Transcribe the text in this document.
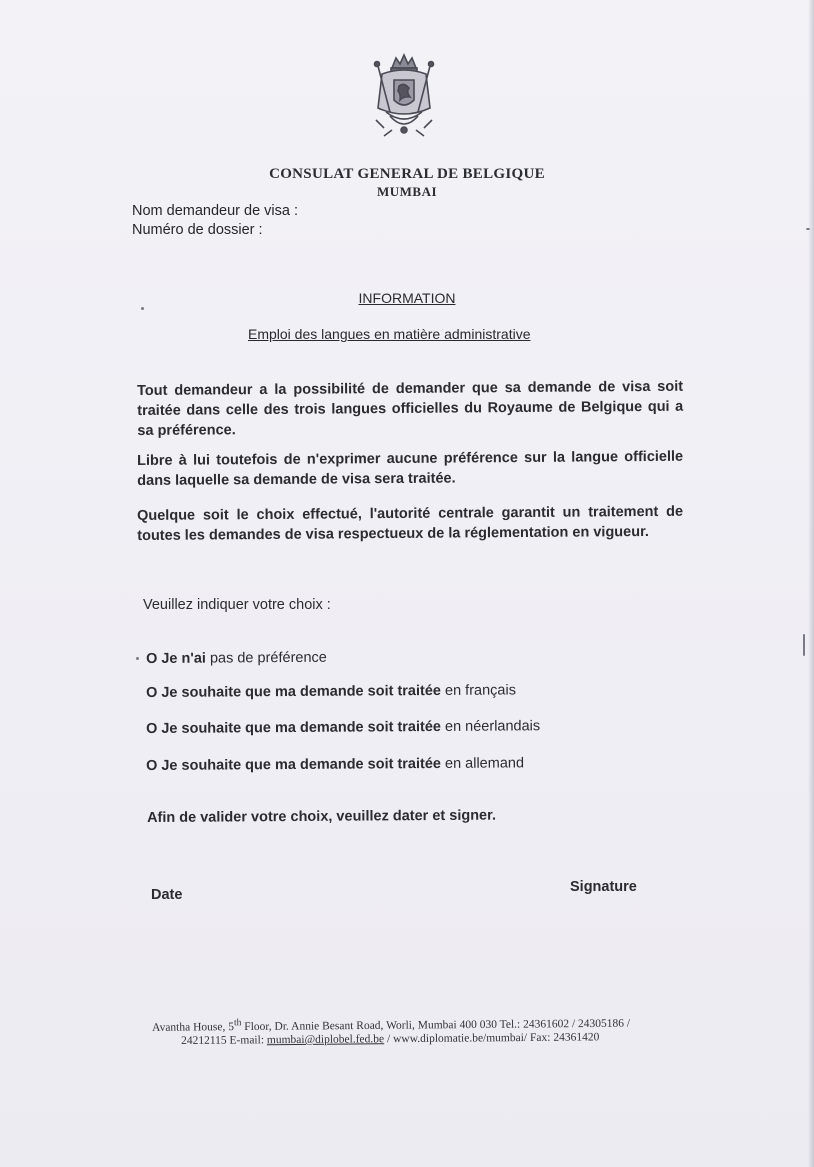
CONSULAT GENERAL DE BELGIQUE
MUMBAI
Nom demandeur de visa :
Numéro de dossier :
INFORMATION
Emploi des langues en matière administrative
Tout demandeur a la possibilité de demander que sa demande de visa soit traitée dans celle des trois langues officielles du Royaume de Belgique qui a sa préférence.
Libre à lui toutefois de n'exprimer aucune préférence sur la langue officielle dans laquelle sa demande de visa sera traitée.
Quelque soit le choix effectué, l'autorité centrale garantit un traitement de toutes les demandes de visa respectueux de la réglementation en vigueur.
Veuillez indiquer votre choix :
O Je n'ai pas de préférence
O Je souhaite que ma demande soit traitée en français
O Je souhaite que ma demande soit traitée en néerlandais
O Je souhaite que ma demande soit traitée en allemand
Afin de valider votre choix, veuillez dater et signer.
Date	Signature
Avantha House, 5th Floor, Dr. Annie Besant Road, Worli, Mumbai 400 030 Tel.: 24361602 / 24305186 /
24212115 E-mail: mumbai@diplobel.fed.be / www.diplomatie.be/mumbai/ Fax: 24361420
